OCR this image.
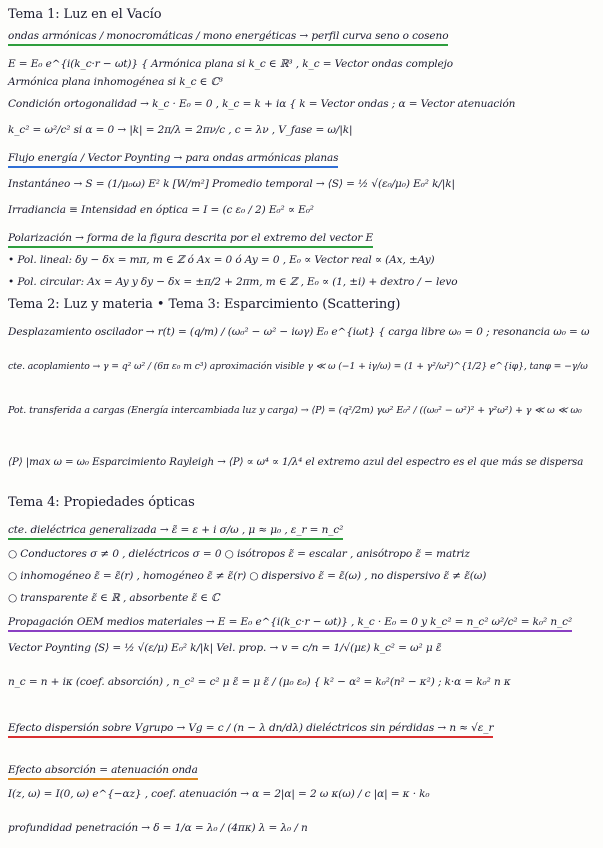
Tema 1: Luz en el Vacío
ondas armónicas / monocromáticas / mono energéticas → perfil curva seno o coseno
E = E₀ e^{i(k_c·r − ωt)} { Armónica plana si k_c ∈ ℝ³ , k_c = Vector ondas complejo
Armónica plana inhomogénea si k_c ∈ ℂ³
Condición ortogonalidad → k_c · E₀ = 0 , k_c = k + iα { k = Vector ondas ; α = Vector atenuación
k_c² = ω²/c² si α = 0 → |k| = 2π/λ = 2πν/c , c = λν , V_fase = ω/|k|
Flujo energía / Vector Poynting → para ondas armónicas planas
Instantáneo → S = (1/μ₀ω) E² k [W/m²] Promedio temporal → ⟨S⟩ = ½ √(ε₀/μ₀) E₀² k/|k|
Irradiancia ≡ Intensidad en óptica = I = (c ε₀ / 2) E₀² ∝ E₀²
Polarización → forma de la figura descrita por el extremo del vector E
• Pol. lineal: δy − δx = mπ, m ∈ ℤ ó Ax = 0 ó Ay = 0 , E₀ ∝ Vector real ∝ (Ax, ±Ay)
• Pol. circular: Ax = Ay y δy − δx = ±π/2 + 2πm, m ∈ ℤ , E₀ ∝ (1, ±i) + dextro / − levo
Tema 2: Luz y materia • Tema 3: Esparcimiento (Scattering)
Desplazamiento oscilador → r(t) = (q/m) / (ω₀² − ω² − iωγ) E₀ e^{iωt} { carga libre ω₀ = 0 ; resonancia ω₀ = ω
cte. acoplamiento → γ = q² ω² / (6π ε₀ m c³) aproximación visible γ ≪ ω (−1 + iγ/ω) = (1 + γ²/ω²)^{1/2} e^{iφ}, tanφ = −γ/ω
Pot. transferida a cargas (Energía intercambiada luz y carga) → ⟨P⟩ = (q²/2m) γω² E₀² / ((ω₀² − ω²)² + γ²ω²) + γ ≪ ω ≪ ω₀
⟨P⟩ |max ω = ω₀ Esparcimiento Rayleigh → ⟨P⟩ ∝ ω⁴ ∝ 1/λ⁴ el extremo azul del espectro es el que más se dispersa
Tema 4: Propiedades ópticas
cte. dieléctrica generalizada → ε̃ = ε + i σ/ω , μ ≈ μ₀ , ε_r = n_c²
○ Conductores σ ≠ 0 , dieléctricos σ = 0 ○ isótropos ε̃ = escalar , anisótropo ε̃ = matriz
○ inhomogéneo ε̃ = ε̃(r) , homogéneo ε̃ ≠ ε̃(r) ○ dispersivo ε̃ = ε̃(ω) , no dispersivo ε̃ ≠ ε̃(ω)
○ transparente ε̃ ∈ ℝ , absorbente ε̃ ∈ ℂ
Propagación OEM medios materiales → E = E₀ e^{i(k_c·r − ωt)} , k_c · E₀ = 0 y k_c² = n_c² ω²/c² = k₀² n_c²
Vector Poynting ⟨S⟩ = ½ √(ε/μ) E₀² k/|k| Vel. prop. → v = c/n = 1/√(με) k_c² = ω² μ ε̃
n_c = n + iκ (coef. absorción) , n_c² = c² μ ε̃ = μ ε̃ / (μ₀ ε₀) { k² − α² = k₀²(n² − κ²) ; k·α = k₀² n κ
Efecto dispersión sobre Vgrupo → Vg = c / (n − λ dn/dλ) dieléctricos sin pérdidas → n ≈ √ε_r
Efecto absorción = atenuación onda
I(z, ω) = I(0, ω) e^{−αz} , coef. atenuación → α = 2|α| = 2 ω κ(ω) / c |α| = κ · k₀
profundidad penetración → δ = 1/α = λ₀ / (4πκ) λ = λ₀ / n
